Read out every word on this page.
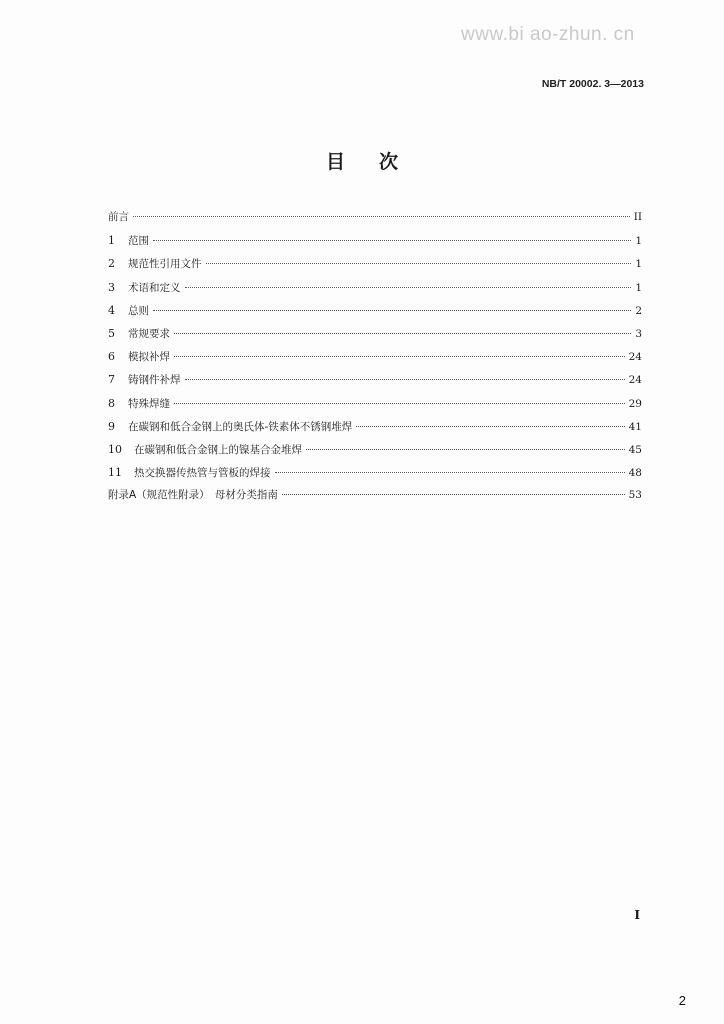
www.bi ao-zhun. cn
NB/T 20002. 3—2013
目次
前言	II
1	范围	1
2	规范性引用文件	1
3	术语和定义	1
4	总则	2
5	常规要求	3
6	模拟补焊	24
7	铸钢件补焊	24
8	特殊焊缝	29
9	在碳钢和低合金钢上的奥氏体-铁素体不锈钢堆焊	41
10	在碳钢和低合金钢上的镍基合金堆焊	45
11	热交换器传热管与管板的焊接	48
附录A（规范性附录）　母材分类指南	53
I
2
